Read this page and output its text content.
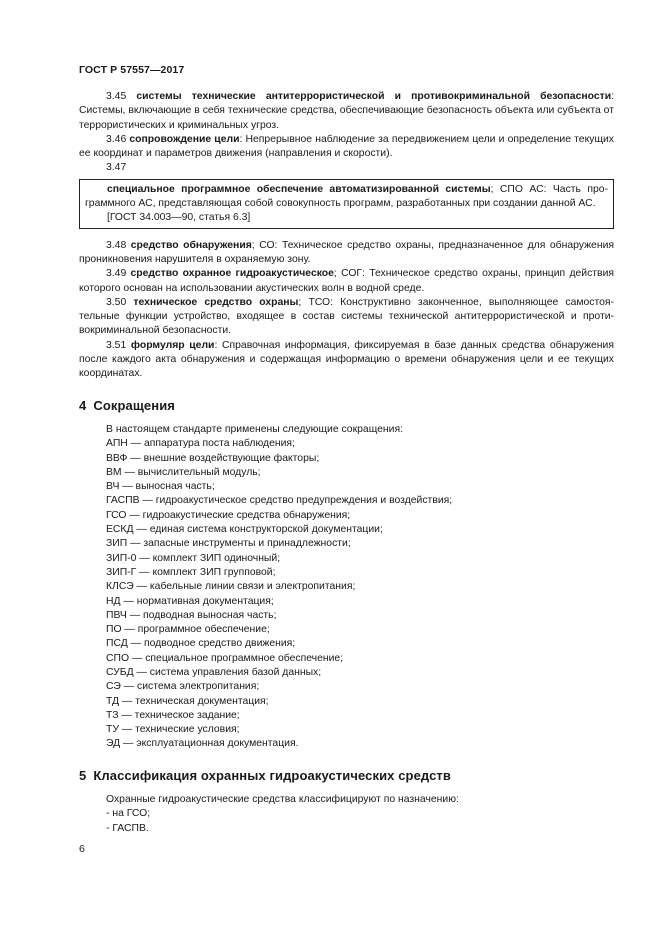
ГОСТ Р 57557—2017

3.45 системы технические антитеррористической и противокриминальной безопасности: Системы, включающие в себя технические средства, обеспечивающие безопасность объекта или субъекта от террористических и криминальных угроз.

3.46 сопровождение цели: Непрерывное наблюдение за передвижением цели и определение текущих ее координат и параметров движения (направления и скорости).

3.47

специальное программное обеспечение автоматизированной системы; СПО АС: Часть программного АС, представляющая собой совокупность программ, разработанных при создании данной АС.

[ГОСТ 34.003—90, статья 6.3]

3.48 средство обнаружения; СО: Техническое средство охраны, предназначенное для обнаружения проникновения нарушителя в охраняемую зону.

3.49 средство охранное гидроакустическое; СОГ: Техническое средство охраны, принцип действия которого основан на использовании акустических волн в водной среде.

3.50 техническое средство охраны; ТСО: Конструктивно законченное, выполняющее самостоятельные функции устройство, входящее в состав системы технической антитеррористической и противокриминальной безопасности.

3.51 формуляр цели: Справочная информация, фиксируемая в базе данных средства обнаружения после каждого акта обнаружения и содержащая информацию о времени обнаружения цели и ее текущих координатах.

4 Сокращения

В настоящем стандарте применены следующие сокращения:

АПН — аппаратура поста наблюдения;
ВВФ — внешние воздействующие факторы;
ВМ — вычислительный модуль;
ВЧ — выносная часть;
ГАСПВ — гидроакустическое средство предупреждения и воздействия;
ГСО — гидроакустические средства обнаружения;
ЕСКД — единая система конструкторской документации;
ЗИП — запасные инструменты и принадлежности;
ЗИП-0 — комплект ЗИП одиночный;
ЗИП-Г — комплект ЗИП групповой;
КЛСЭ — кабельные линии связи и электропитания;
НД — нормативная документация;
ПВЧ — подводная выносная часть;
ПО — программное обеспечение;
ПСД — подводное средство движения;
СПО — специальное программное обеспечение;
СУБД — система управления базой данных;
СЭ — система электропитания;
ТД — техническая документация;
ТЗ — техническое задание;
ТУ — технические условия;
ЭД — эксплуатационная документация.
5 Классификация охранных гидроакустических средств

Охранные гидроакустические средства классифицируют по назначению:

- на ГСО;
- ГАСПВ.
6
